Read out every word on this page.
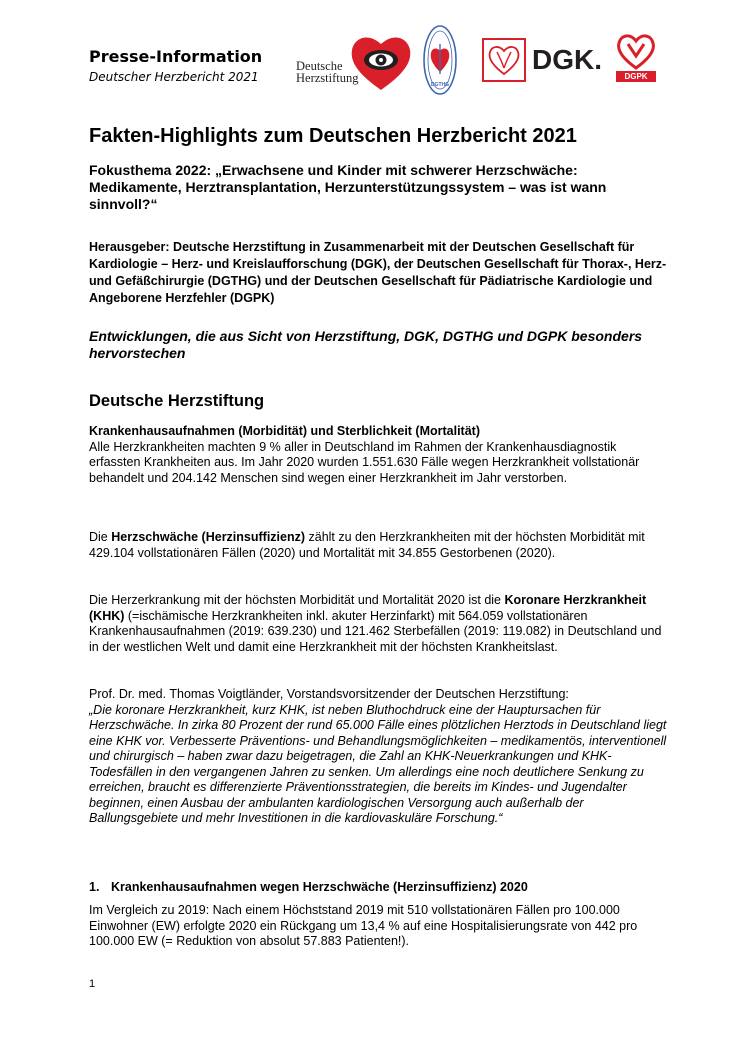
Presse-Information
Deutscher Herzbericht 2021
Deutsche
Herzstiftung	DGTHG
DGK.
DGPK
Fakten-Highlights zum Deutschen Herzbericht 2021
Fokusthema 2022: „Erwachsene und Kinder mit schwerer Herzschwäche: Medikamente, Herztransplantation, Herzunterstützungssystem – was ist wann sinnvoll?“
Herausgeber: Deutsche Herzstiftung in Zusammenarbeit mit der Deutschen Gesellschaft für Kardiologie – Herz- und Kreislaufforschung (DGK), der Deutschen Gesellschaft für Thorax-, Herz- und Gefäßchirurgie (DGTHG) und der Deutschen Gesellschaft für Pädiatrische Kardiologie und Angeborene Herzfehler (DGPK)
Entwicklungen, die aus Sicht von Herzstiftung, DGK, DGTHG und DGPK besonders hervorstechen
Deutsche Herzstiftung
Krankenhausaufnahmen (Morbidität) und Sterblichkeit (Mortalität)
Alle Herzkrankheiten machten 9 % aller in Deutschland im Rahmen der Krankenhausdiagnostik erfassten Krankheiten aus. Im Jahr 2020 wurden 1.551.630 Fälle wegen Herzkrankheit vollstationär behandelt und 204.142 Menschen sind wegen einer Herzkrankheit im Jahr verstorben.
Die Herzschwäche (Herzinsuffizienz) zählt zu den Herzkrankheiten mit der höchsten Morbidität mit 429.104 vollstationären Fällen (2020) und Mortalität mit 34.855 Gestorbenen (2020).
Die Herzerkrankung mit der höchsten Morbidität und Mortalität 2020 ist die Koronare Herzkrankheit (KHK) (=ischämische Herzkrankheiten inkl. akuter Herzinfarkt) mit 564.059 vollstationären Krankenhausaufnahmen (2019: 639.230) und 121.462 Sterbefällen (2019: 119.082) in Deutschland und in der westlichen Welt und damit eine Herzkrankheit mit der höchsten Krankheitslast.
Prof. Dr. med. Thomas Voigtländer, Vorstandsvorsitzender der Deutschen Herzstiftung:
„Die koronare Herzkrankheit, kurz KHK, ist neben Bluthochdruck eine der Hauptursachen für Herzschwäche. In zirka 80 Prozent der rund 65.000 Fälle eines plötzlichen Herztods in Deutschland liegt eine KHK vor. Verbesserte Präventions- und Behandlungsmöglichkeiten – medikamentös, interventionell und chirurgisch – haben zwar dazu beigetragen, die Zahl an KHK-Neuerkrankungen und KHK-Todesfällen in den vergangenen Jahren zu senken. Um allerdings eine noch deutlichere Senkung zu erreichen, braucht es differenzierte Präventionsstrategien, die bereits im Kindes- und Jugendalter beginnen, einen Ausbau der ambulanten kardiologischen Versorgung auch außerhalb der Ballungsgebiete und mehr Investitionen in die kardiovaskuläre Forschung.“
1. Krankenhausaufnahmen wegen Herzschwäche (Herzinsuffizienz) 2020
Im Vergleich zu 2019: Nach einem Höchststand 2019 mit 510 vollstationären Fällen pro 100.000 Einwohner (EW) erfolgte 2020 ein Rückgang um 13,4 % auf eine Hospitalisierungsrate von 442 pro 100.000 EW (= Reduktion von absolut 57.883 Patienten!).
1
